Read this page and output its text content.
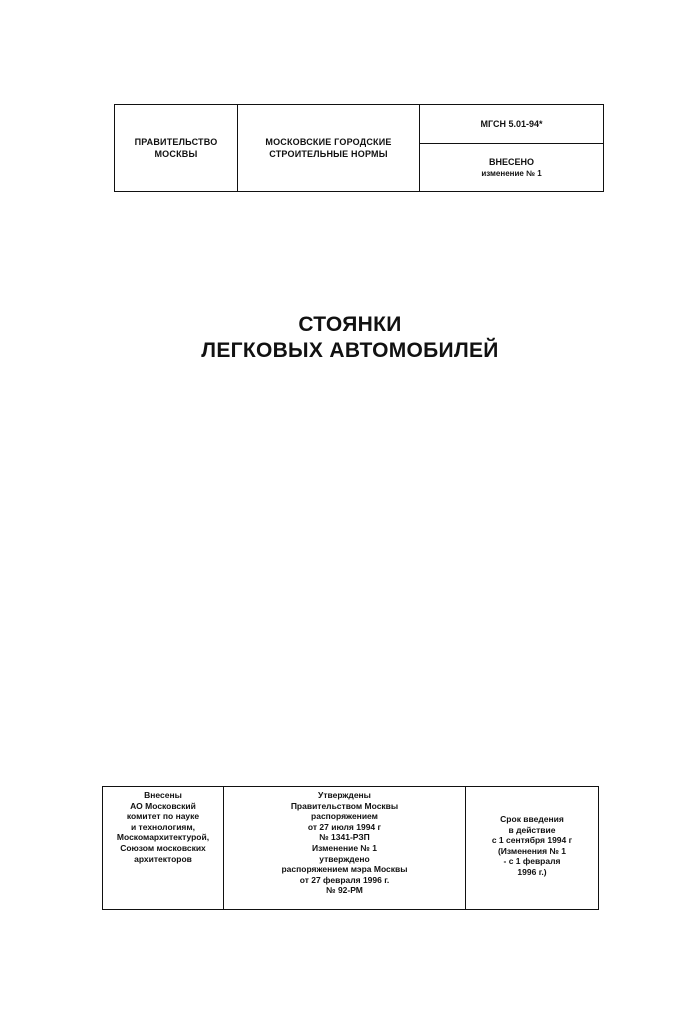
ПРАВИТЕЛЬСТВО
МОСКВЫ
МОСКОВСКИЕ ГОРОДСКИЕ
СТРОИТЕЛЬНЫЕ НОРМЫ
МГСН 5.01-94*
ВНЕСЕНО
изменение № 1
СТОЯНКИ
ЛЕГКОВЫХ АВТОМОБИЛЕЙ
Внесены
АО Московский
комитет по науке
и технологиям,
Москомархитектурой,
Союзом московских
архитекторов
Утверждены
Правительством Москвы
распоряжением
от 27 июля 1994 г
№ 1341-РЗП
Изменение № 1
утверждено
распоряжением мэра Москвы
от 27 февраля 1996 г.
№ 92-РМ
Срок введения
в действие
с 1 сентября 1994 г
(Изменения № 1
- с 1 февраля
1996 г.)
